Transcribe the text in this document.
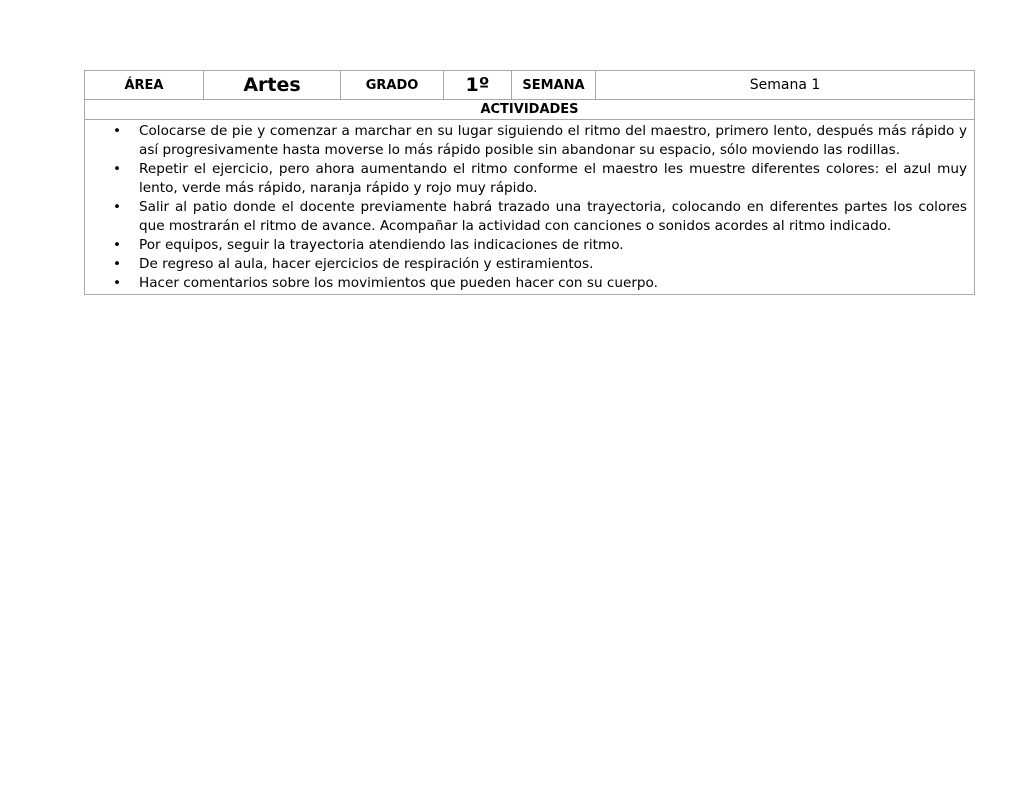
ÁREA	Artes	GRADO	1º	SEMANA	Semana 1
ACTIVIDADES

•	Colocarse de pie y comenzar a marchar en su lugar siguiendo el ritmo del maestro, primero lento, después más rápido y así progresivamente hasta moverse lo más rápido posible sin abandonar su espacio, sólo moviendo las rodillas.
•	Repetir el ejercicio, pero ahora aumentando el ritmo conforme el maestro les muestre diferentes colores: el azul muy lento, verde más rápido, naranja rápido y rojo muy rápido.
•	Salir al patio donde el docente previamente habrá trazado una trayectoria, colocando en diferentes partes los colores que mostrarán el ritmo de avance. Acompañar la actividad con canciones o sonidos acordes al ritmo indicado.
•	Por equipos, seguir la trayectoria atendiendo las indicaciones de ritmo.
•	De regreso al aula, hacer ejercicios de respiración y estiramientos.
•	Hacer comentarios sobre los movimientos que pueden hacer con su cuerpo.
